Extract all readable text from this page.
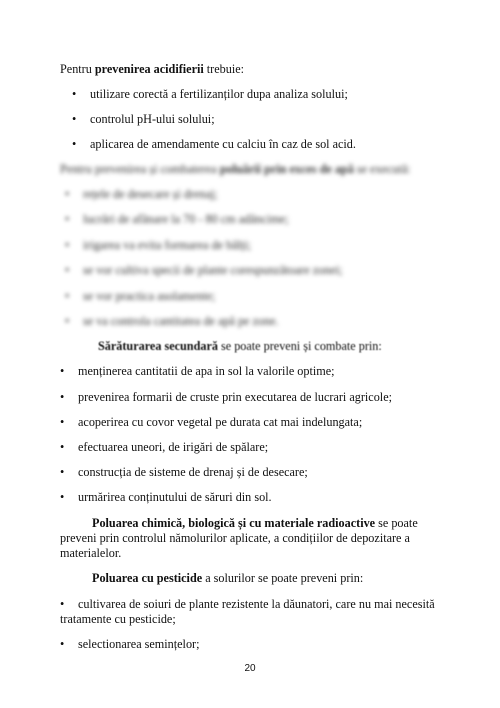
Pentru prevenirea acidifierii trebuie:
• utilizare corectă a fertilizanților dupa analiza solului;
• controlul pH-ului solului;
• aplicarea de amendamente cu calciu în caz de sol acid.
Pentru prevenirea și combaterea poluării prin exces de apă se execută:
• rețele de desecare și drenaj;
• lucrări de afânare la 70 - 80 cm adâncime;
• irigarea va evita formarea de bălți;
• se vor cultiva specii de plante corespunzătoare zonei;
• se vor practica asolamente;
• se va controla cantitatea de apă pe zone.
Sărăturarea secundară se poate preveni și combate prin:
• menținerea cantitatii de apa in sol la valorile optime;
• prevenirea formarii de cruste prin executarea de lucrari agricole;
• acoperirea cu covor vegetal pe durata cat mai indelungata;
• efectuarea uneori, de irigări de spălare;
• construcția de sisteme de drenaj și de desecare;
• urmărirea conținutului de săruri din sol.
Poluarea chimică, biologică și cu materiale radioactive se poate
preveni prin controlul nămolurilor aplicate, a condițiilor de depozitare a
materialelor.
Poluarea cu pesticide a solurilor se poate preveni prin:
• cultivarea de soiuri de plante rezistente la dăunatori, care nu mai necesită
tratamente cu pesticide;
• selectionarea semințelor;
20
